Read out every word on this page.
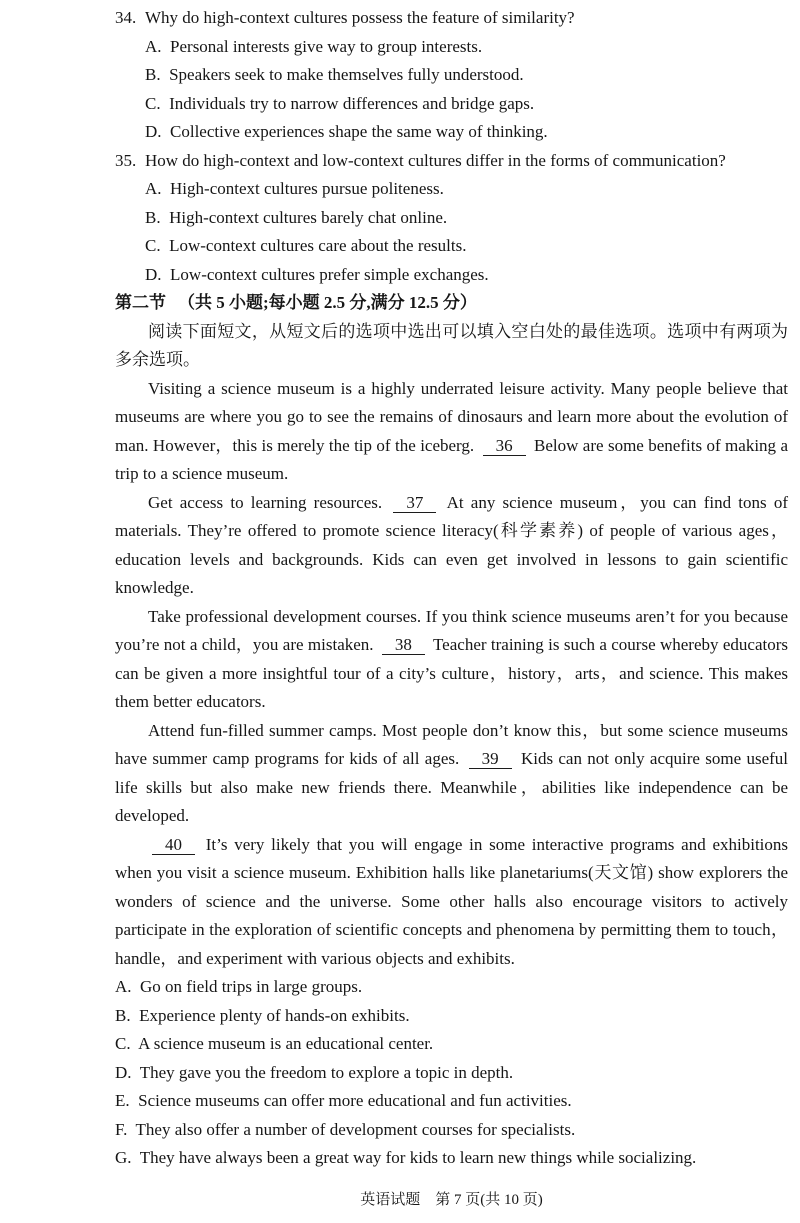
34. Why do high-context cultures possess the feature of similarity?
A.  Personal interests give way to group interests.
B.  Speakers seek to make themselves fully understood.
C.  Individuals try to narrow differences and bridge gaps.
D.  Collective experiences shape the same way of thinking.
35. How do high-context and low-context cultures differ in the forms of communication?
A.  High-context cultures pursue politeness.
B.  High-context cultures barely chat online.
C.  Low-context cultures care about the results.
D.  Low-context cultures prefer simple exchanges.
第二节 （共 5 小题;每小题 2.5 分,满分 12.5 分）

阅读下面短文，从短文后的选项中选出可以填入空白处的最佳选项。选项中有两项为多余选项。

Visiting a science museum is a highly underrated leisure activity. Many people believe that museums are where you go to see the remains of dinosaurs and learn more about the evolution of man. However，this is merely the tip of the iceberg. 36 Below are some benefits of making a trip to a science museum.

Get access to learning resources. 37 At any science museum，you can find tons of materials. They’re offered to promote science literacy(科学素养) of people of various ages，education levels and backgrounds. Kids can even get involved in lessons to gain scientific knowledge.

Take professional development courses. If you think science museums aren’t for you because you’re not a child，you are mistaken. 38 Teacher training is such a course whereby educators can be given a more insightful tour of a city’s culture，history，arts，and science. This makes them better educators.

Attend fun-filled summer camps. Most people don’t know this，but some science museums have summer camp programs for kids of all ages. 39 Kids can not only acquire some useful life skills but also make new friends there. Meanwhile，abilities like independence can be developed.

40 It’s very likely that you will engage in some interactive programs and exhibitions when you visit a science museum. Exhibition halls like planetariums(天文馆) show explorers the wonders of science and the universe. Some other halls also encourage visitors to actively participate in the exploration of scientific concepts and phenomena by permitting them to touch，handle，and experiment with various objects and exhibits.

A.  Go on field trips in large groups.
B.  Experience plenty of hands-on exhibits.
C.  A science museum is an educational center.
D.  They gave you the freedom to explore a topic in depth.
E.  Science museums can offer more educational and fun activities.
F.  They also offer a number of development courses for specialists.
G.  They have always been a great way for kids to learn new things while socializing.
英语试题　第 7 页(共 10 页)
